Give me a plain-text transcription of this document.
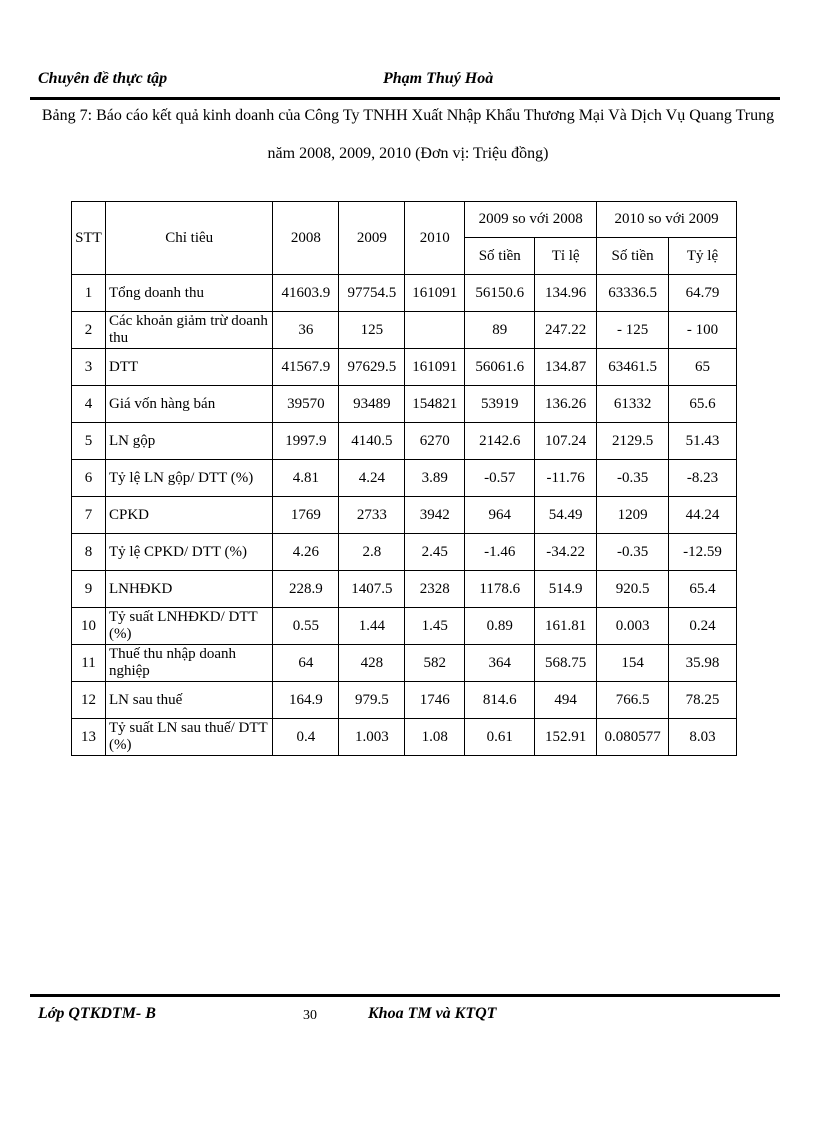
Chuyên đề thực tập	Phạm Thuý Hoà
Bảng 7: Báo cáo kết quả kinh doanh của Công Ty TNHH Xuất Nhập Khẩu Thương Mại Và Dịch Vụ Quang Trung
năm 2008, 2009, 2010 (Đơn vị: Triệu đồng)
STT	Chỉ tiêu	2008	2009	2010	2009 so với 2008		2010 so với 2009	
					Số tiền	Tỉ lệ	Số tiền	Tỷ lệ
1	Tổng doanh thu	41603.9	97754.5	161091	56150.6	134.96	63336.5	64.79
2	Các khoản giảm trừ doanh thu	36	125		89	247.22	- 125	- 100
3	DTT	41567.9	97629.5	161091	56061.6	134.87	63461.5	65
4	Giá vốn hàng bán	39570	93489	154821	53919	136.26	61332	65.6
5	LN gộp	1997.9	4140.5	6270	2142.6	107.24	2129.5	51.43
6	Tỷ lệ LN gộp/ DTT (%)	4.81	4.24	3.89	-0.57	-11.76	-0.35	-8.23
7	CPKD	1769	2733	3942	964	54.49	1209	44.24
8	Tỷ lệ CPKD/ DTT (%)	4.26	2.8	2.45	-1.46	-34.22	-0.35	-12.59
9	LNHĐKD	228.9	1407.5	2328	1178.6	514.9	920.5	65.4
10	Tỷ suất LNHĐKD/ DTT (%)	0.55	1.44	1.45	0.89	161.81	0.003	0.24
11	Thuế thu nhập doanh nghiệp	64	428	582	364	568.75	154	35.98
12	LN sau thuế	164.9	979.5	1746	814.6	494	766.5	78.25
13	Tỷ suất LN sau thuế/ DTT (%)	0.4	1.003	1.08	0.61	152.91	0.080577	8.03
Lớp QTKDTM- B	30	Khoa TM và KTQT
